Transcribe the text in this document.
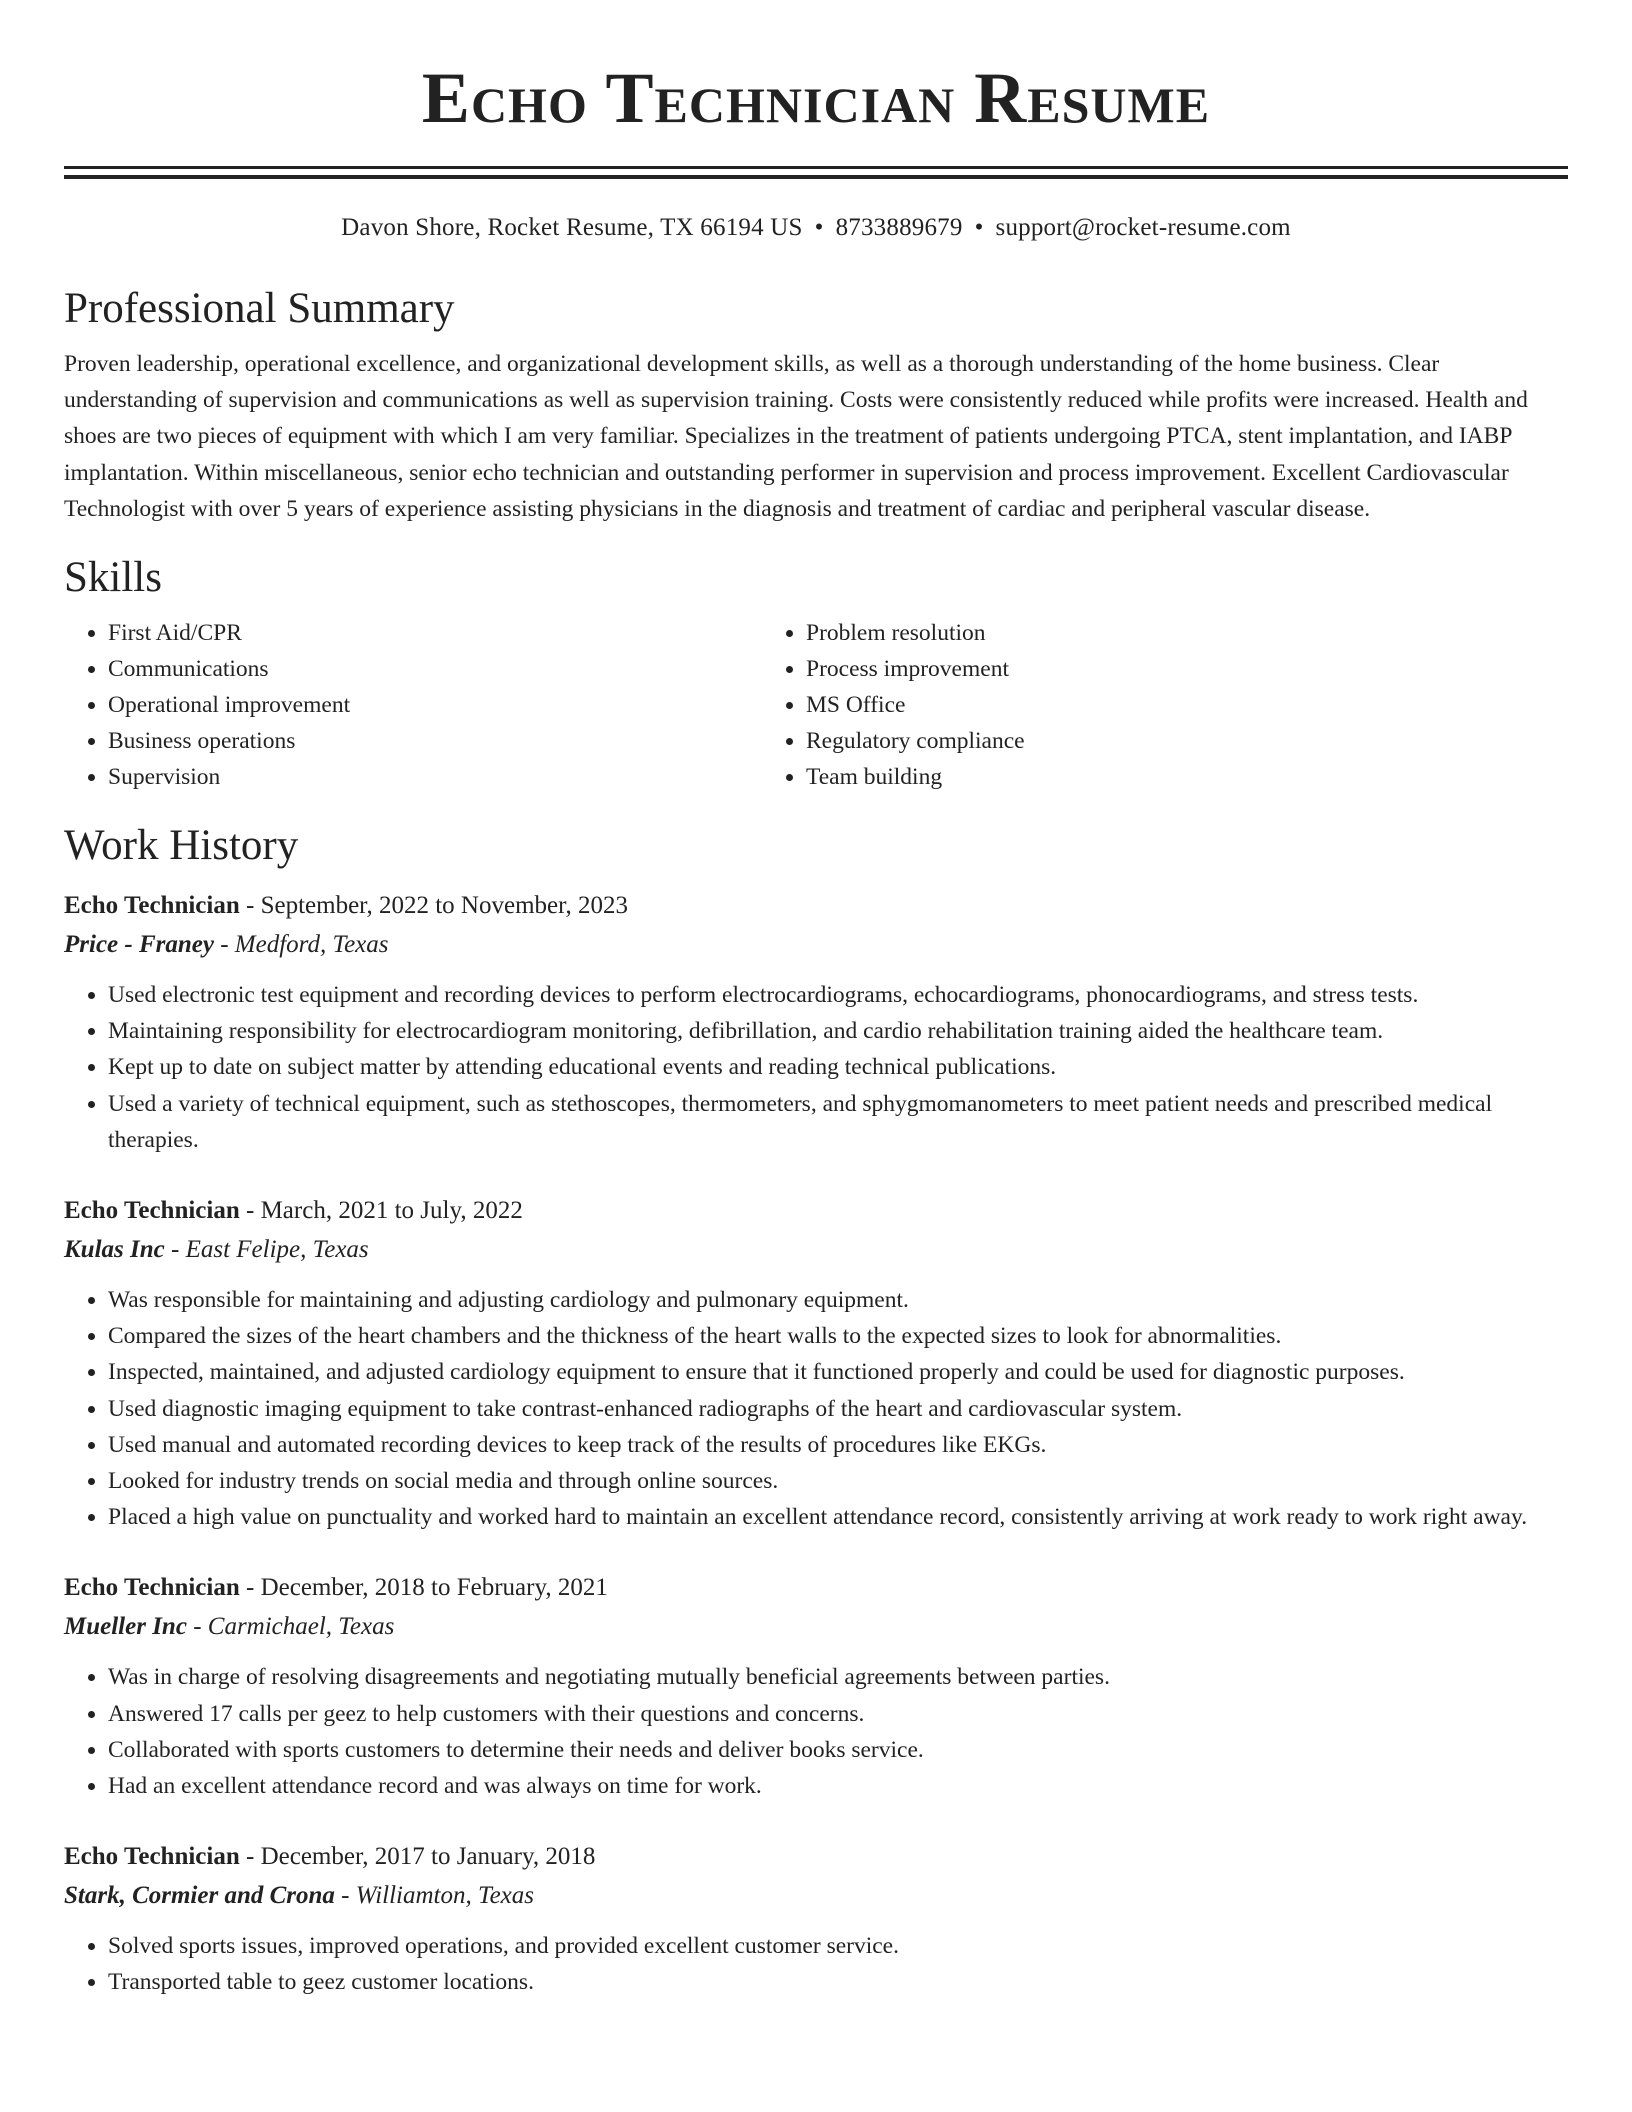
Echo Technician Resume
Davon Shore, Rocket Resume, TX 66194 US • 8733889679 • support@rocket-resume.com
Professional Summary

Proven leadership, operational excellence, and organizational development skills, as well as a thorough understanding of the home business. Clear understanding of supervision and communications as well as supervision training. Costs were consistently reduced while profits were increased. Health and shoes are two pieces of equipment with which I am very familiar. Specializes in the treatment of patients undergoing PTCA, stent implantation, and IABP implantation. Within miscellaneous, senior echo technician and outstanding performer in supervision and process improvement. Excellent Cardiovascular Technologist with over 5 years of experience assisting physicians in the diagnosis and treatment of cardiac and peripheral vascular disease.

Skills
• First Aid/CPR
• Communications
• Operational improvement
• Business operations
• Supervision
• Problem resolution
• Process improvement
• MS Office
• Regulatory compliance
• Team building
Work History
Echo Technician - September, 2022 to November, 2023
Price - Franey - Medford, Texas
• Used electronic test equipment and recording devices to perform electrocardiograms, echocardiograms, phonocardiograms, and stress tests.
• Maintaining responsibility for electrocardiogram monitoring, defibrillation, and cardio rehabilitation training aided the healthcare team.
• Kept up to date on subject matter by attending educational events and reading technical publications.
• Used a variety of technical equipment, such as stethoscopes, thermometers, and sphygmomanometers to meet patient needs and prescribed medical therapies.
Echo Technician - March, 2021 to July, 2022
Kulas Inc - East Felipe, Texas
• Was responsible for maintaining and adjusting cardiology and pulmonary equipment.
• Compared the sizes of the heart chambers and the thickness of the heart walls to the expected sizes to look for abnormalities.
• Inspected, maintained, and adjusted cardiology equipment to ensure that it functioned properly and could be used for diagnostic purposes.
• Used diagnostic imaging equipment to take contrast-enhanced radiographs of the heart and cardiovascular system.
• Used manual and automated recording devices to keep track of the results of procedures like EKGs.
• Looked for industry trends on social media and through online sources.
• Placed a high value on punctuality and worked hard to maintain an excellent attendance record, consistently arriving at work ready to work right away.
Echo Technician - December, 2018 to February, 2021
Mueller Inc - Carmichael, Texas
• Was in charge of resolving disagreements and negotiating mutually beneficial agreements between parties.
• Answered 17 calls per geez to help customers with their questions and concerns.
• Collaborated with sports customers to determine their needs and deliver books service.
• Had an excellent attendance record and was always on time for work.
Echo Technician - December, 2017 to January, 2018
Stark, Cormier and Crona - Williamton, Texas
• Solved sports issues, improved operations, and provided excellent customer service.
• Transported table to geez customer locations.
